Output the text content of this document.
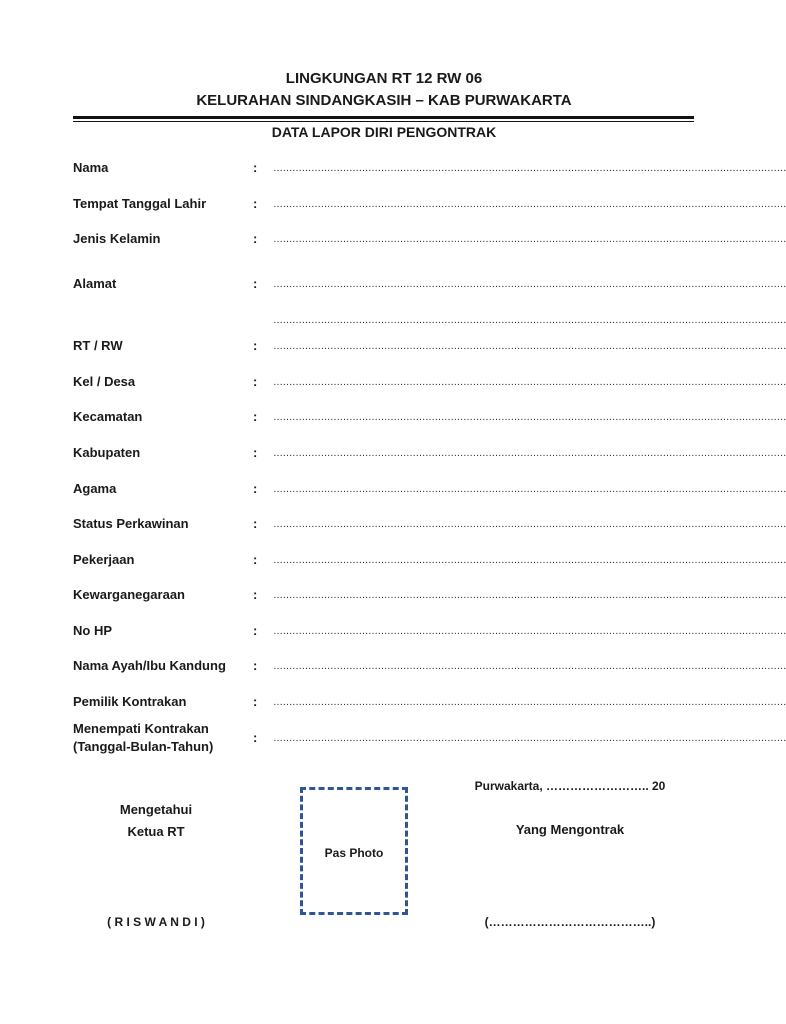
LINGKUNGAN RT 12 RW 06
KELURAHAN SINDANGKASIH – KAB PURWAKARTA
DATA LAPOR DIRI PENGONTRAK
Nama	: ………………………………………………………………………………………………………………………………………………
Tempat Tanggal Lahir	: ………………………………………………………………………………………………………………………………………………
Jenis Kelamin	: ………………………………………………………………………………………………………………………………………………
Alamat	: ………………………………………………………………………………………………………………………………………………
………………………………………………………………………………………………………………………………………………
RT / RW	: ………………………………………………………………………………………………………………………………………………
Kel / Desa	: ………………………………………………………………………………………………………………………………………………
Kecamatan	: ………………………………………………………………………………………………………………………………………………
Kabupaten	: ………………………………………………………………………………………………………………………………………………
Agama	: ………………………………………………………………………………………………………………………………………………
Status Perkawinan	: ………………………………………………………………………………………………………………………………………………
Pekerjaan	: ………………………………………………………………………………………………………………………………………………
Kewarganegaraan	: ………………………………………………………………………………………………………………………………………………
No HP	: ………………………………………………………………………………………………………………………………………………
Nama Ayah/Ibu Kandung : ………………………………………………………………………………………………………………………………………………
Pemilik Kontrakan	: ………………………………………………………………………………………………………………………………………………
Menempati Kontrakan
(Tanggal-Bulan-Tahun)
: ………………………………………………………………………………………………………………………………………………
Mengetahui
Ketua RT
( R I S W A N D I )
Pas Photo
Purwakarta, …………………….. 20
Yang Mengontrak
(…………………………………..)
